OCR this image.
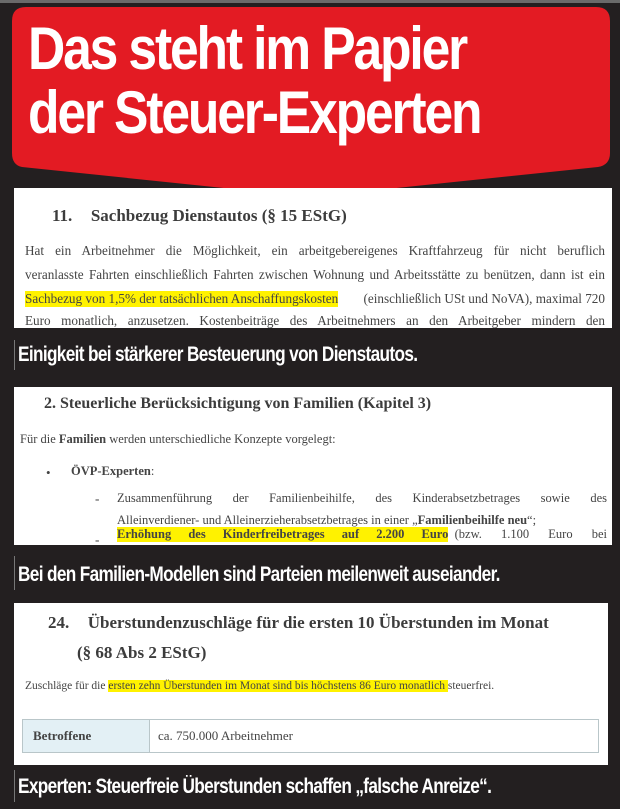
Das steht im Papier
der Steuer-Experten
11. Sachbezug Dienstautos (§ 15 EStG)
Hat ein Arbeitnehmer die Möglichkeit, ein arbeitgebereigenes Kraftfahrzeug für nicht beruflich
veranlasste Fahrten einschließlich Fahrten zwischen Wohnung und Arbeitsstätte zu benützen, dann ist ein
Sachbezug von 1,5% der tatsächlichen Anschaffungskosten (einschließlich USt und NoVA), maximal 720
Euro monatlich, anzusetzen. Kostenbeiträge des Arbeitnehmers an den Arbeitgeber mindern den
Einigkeit bei stärkerer Besteuerung von Dienstautos.
2. Steuerliche Berücksichtigung von Familien (Kapitel 3)
Für die Familien werden unterschiedliche Konzepte vorgelegt:
• ÖVP-Experten:
- Zusammenführung der Familienbeihilfe, des Kinderabsetzbetrages sowie des
Alleinverdiener- und Alleinerzieherabsetzbetrages in einer „Familienbeihilfe neu“;
- Erhöhung des Kinderfreibetrages auf 2.200 Euro (bzw. 1.100 Euro bei
Bei den Familien-Modellen sind Parteien meilenweit auseiander.
24. Überstundenzuschläge für die ersten 10 Überstunden im Monat
(§ 68 Abs 2 EStG)
Zuschläge für die ersten zehn Überstunden im Monat sind bis höchstens 86 Euro monatlich steuerfrei.
Betroffene	ca. 750.000 Arbeitnehmer
Experten: Steuerfreie Überstunden schaffen „falsche Anreize“.
